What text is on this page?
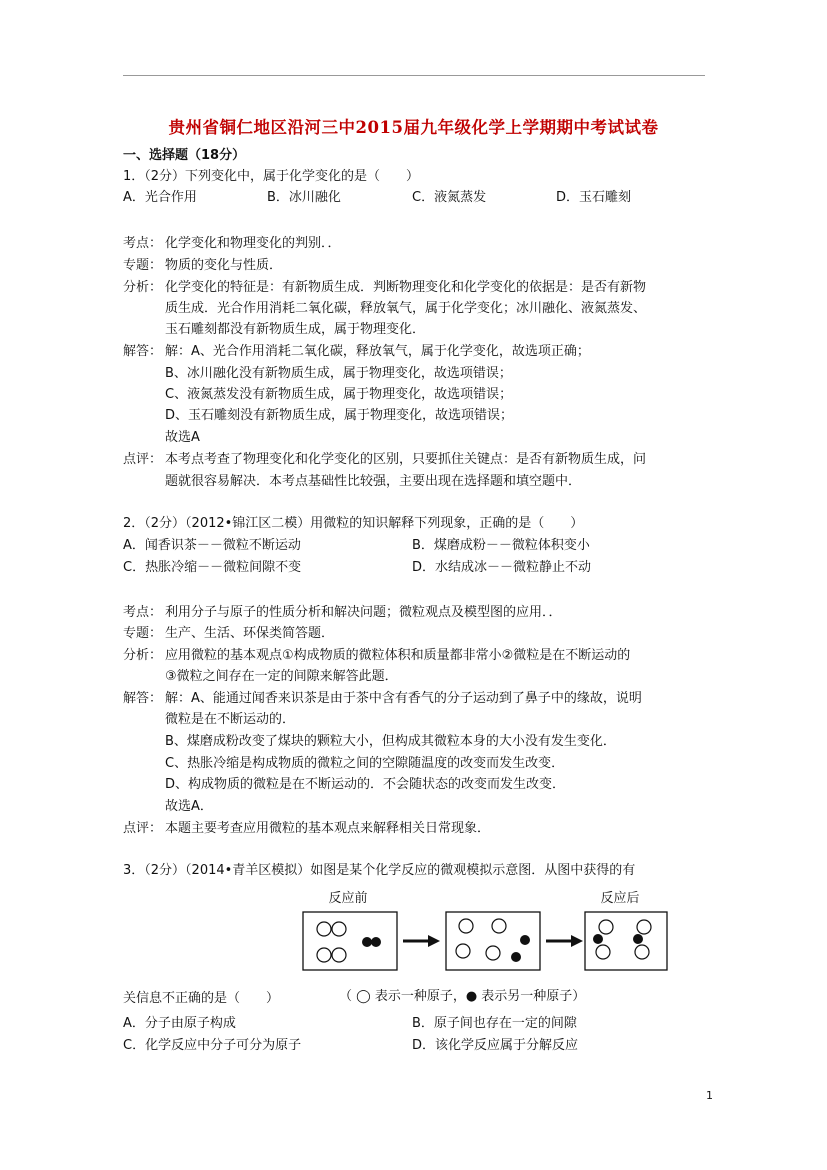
贵州省铜仁地区沿河三中2015届九年级化学上学期期中考试试卷
一、选择题（18分）
1．（2分）下列变化中，属于化学变化的是（　　）
A．光合作用	B．冰川融化	C．液氮蒸发	D．玉石雕刻
考点： 化学变化和物理变化的判别．．
专题： 物质的变化与性质．
分析： 化学变化的特征是：有新物质生成．判断物理变化和化学变化的依据是：是否有新物
质生成．光合作用消耗二氧化碳，释放氧气，属于化学变化；冰川融化、液氮蒸发、
玉石雕刻都没有新物质生成，属于物理变化．
解答： 解：A、光合作用消耗二氧化碳，释放氧气，属于化学变化，故选项正确；
B、冰川融化没有新物质生成，属于物理变化，故选项错误；
C、液氮蒸发没有新物质生成，属于物理变化，故选项错误；
D、玉石雕刻没有新物质生成，属于物理变化，故选项错误；
故选A
点评： 本考点考查了物理变化和化学变化的区别，只要抓住关键点：是否有新物质生成，问
题就很容易解决．本考点基础性比较强，主要出现在选择题和填空题中．
2．（2分）（2012•锦江区二模）用微粒的知识解释下列现象，正确的是（　　）
A．闻香识茶－－微粒不断运动	B．煤磨成粉－－微粒体积变小
C．热胀冷缩－－微粒间隙不变	D．水结成冰－－微粒静止不动
考点： 利用分子与原子的性质分析和解决问题；微粒观点及模型图的应用．．
专题： 生产、生活、环保类简答题．
分析： 应用微粒的基本观点①构成物质的微粒体积和质量都非常小②微粒是在不断运动的
③微粒之间存在一定的间隙来解答此题．
解答： 解：A、能通过闻香来识茶是由于茶中含有香气的分子运动到了鼻子中的缘故，说明
微粒是在不断运动的．
B、煤磨成粉改变了煤块的颗粒大小，但构成其微粒本身的大小没有发生变化．
C、热胀冷缩是构成物质的微粒之间的空隙随温度的改变而发生改变．
D、构成物质的微粒是在不断运动的．不会随状态的改变而发生改变．
故选A．
点评： 本题主要考查应用微粒的基本观点来解释相关日常现象．
3．（2分）（2014•青羊区模拟）如图是某个化学反应的微观模拟示意图．从图中获得的有
反应前	反应后
关信息不正确的是（　　）	（ ◯ 表示一种原子，● 表示另一种原子）
A．分子由原子构成	B．原子间也存在一定的间隙
C．化学反应中分子可分为原子	D．该化学反应属于分解反应
1
